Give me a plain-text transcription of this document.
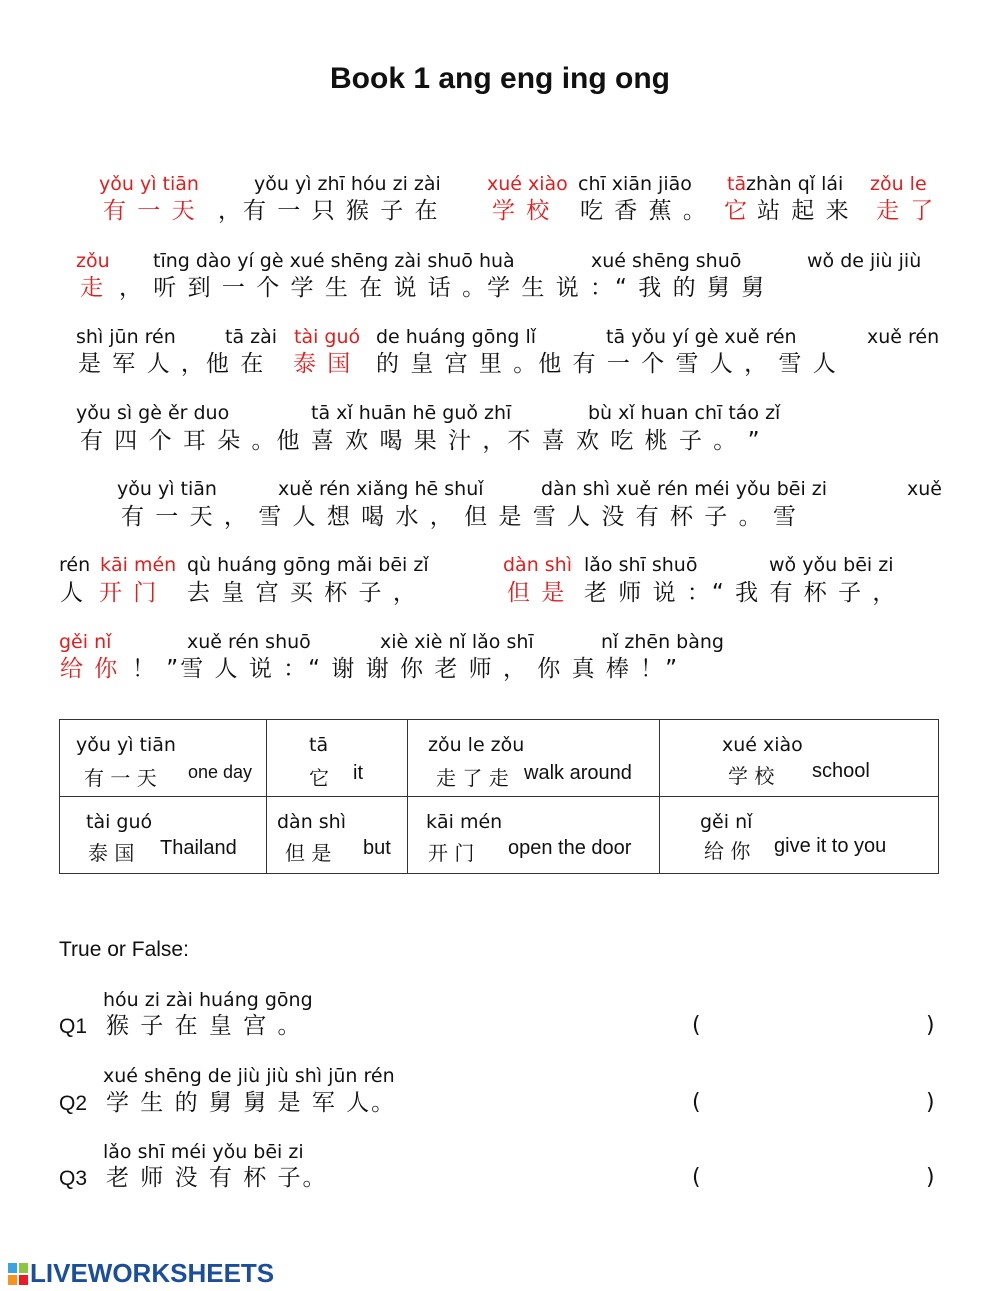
Book 1 ang eng ing ong
yǒu yì tiān	yǒu yì zhī hóu zi zài xué xiào chī xiān jiāo tā zhàn qǐ lái zǒu le
有 一 天 ，有 一 只 猴 子 在 学 校 吃 香 蕉 。 它 站 起 来 走 了
zǒu tīng dào yí gè xué shēng zài shuō huà	xué shēng shuō	wǒ de jiù jiù
走 ， 听 到 一 个 学 生 在 说 话 。学 生 说 ：“ 我 的 舅 舅
shì jūn rén	tā zài tài guó de huáng gōng lǐ	tā yǒu yí gè xuě rén	xuě rén
是 军 人 ，他 在 泰 国 的 皇 宫 里 。他 有 一 个 雪 人 ， 雪 人
yǒu sì gè ěr duo	tā xǐ huān hē guǒ zhī	bù xǐ huan chī táo zǐ
有 四 个 耳 朵 。他 喜 欢 喝 果 汁 ，不 喜 欢 吃 桃 子 。 ”
yǒu yì tiān	xuě rén xiǎng hē shuǐ	dàn shì xuě rén méi yǒu bēi zi	xuě
有 一 天 ， 雪 人 想 喝 水 ， 但 是 雪 人 没 有 杯 子 。 雪
rén kāi mén qù huáng gōng mǎi bēi zǐ	dàn shì lǎo shī shuō	wǒ yǒu bēi zi
人 开 门 去 皇 宫 买 杯 子 ，	但 是 老 师 说 ：“ 我 有 杯 子 ，
gěi nǐ	xuě rén shuō	xiè xiè nǐ lǎo shī	nǐ zhēn bàng
给 你 ！ ”雪 人 说 ：“ 谢 谢 你 老 师 ， 你 真 棒 ！”
yǒu yì tiān
有 一 天 one day	tā
它 it	zǒu le zǒu
走 了 走 walk around	xué xiào
学 校 school

tài guó
泰 国 Thailand	dàn shì
但 是 but	kāi mén
开 门 open the door	gěi nǐ
给 你 give it to you
True or False:
hóu zi zài huáng gōng
Q1 猴 子 在 皇 宫 。	(	)
xué shēng de jiù jiù shì jūn rén
Q2 学 生 的 舅 舅 是 军 人。	(	)
lǎo shī méi yǒu bēi zi
Q3 老 师 没 有 杯 子。	(	)
LIVEWORKSHEETS
